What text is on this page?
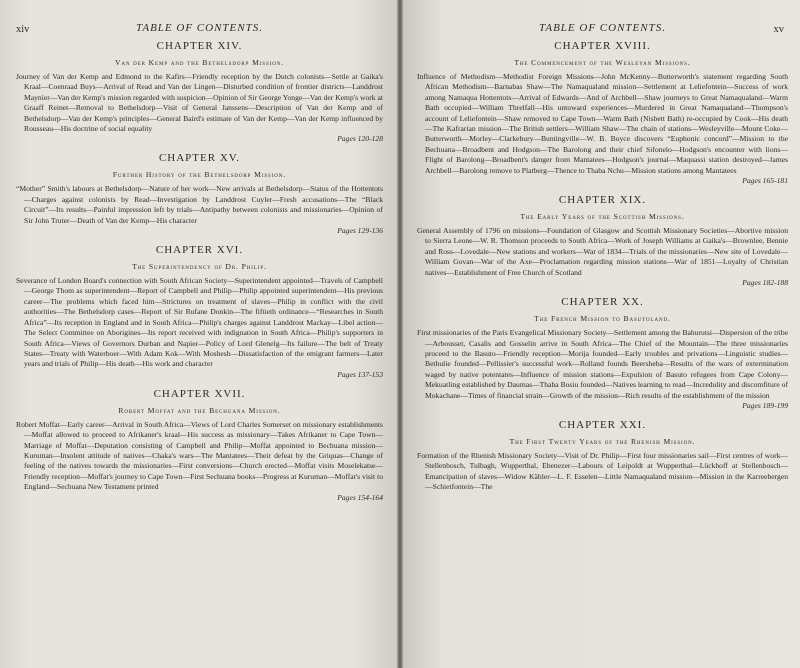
xiv	TABLE OF CONTENTS.
CHAPTER XIV.
Van der Kemp and the Bethelsdorp Mission.
Journey of Van der Kemp and Edmond to the Kafirs—Friendly reception by the Dutch colonists—Settle at Gaika's Kraal—Coenraad Buys—Arrival of Read and Van der Lingen—Disturbed condition of frontier districts—Landdrost Maynier—Van der Kemp's mission regarded with suspicion—Opinion of Sir George Yonge—Van der Kemp's work at Graaff Reinet—Removal to Bethelsdorp—Visit of General Janssens—Description of Van der Kemp and of Bethelsdorp—Van der Kemp's principles—General Baird's estimate of Van der Kemp—Van der Kemp influenced by Rousseau—His doctrine of social equality
Pages 120-128
CHAPTER XV.
Further History of the Bethelsdorp Mission.
“Mother” Smith's labours at Bethelsdorp—Nature of her work—New arrivals at Bethelsdorp—Status of the Hottentots—Charges against colonists by Read—Investigation by Landdrost Cuyler—Fresh accusations—The “Black Circuit”—Its results—Painful impression left by trials—Antipathy between colonists and missionaries—Opinion of Sir John Truter—Death of Van der Kemp—His character
Pages 129-136
CHAPTER XVI.
The Superintendency of Dr. Philip.
Severance of London Board's connection with South African Society—Superintendent appointed—Travels of Campbell—George Thom as superintendent—Report of Campbell and Philip—Philip appointed superintendent—His previous career—The problems which faced him—Strictures on treatment of slaves—Philip in conflict with the civil authorities—The Bethelsdorp cases—Report of Sir Rufane Donkin—The fiftieth ordinance—“Researches in South Africa”—Its reception in England and in South Africa—Philip's charges against Landdrost Mackay—Libel action—The Select Committee on Aborigines—Its report received with indignation in South Africa—Philip's supporters in South Africa—Views of Governors Durban and Napier—Policy of Lord Glenelg—Its failure—The belt of Treaty States—Treaty with Waterboer—With Adam Kok—With Moshesh—Dissatisfaction of the emigrant farmers—Later years and trials of Philip—His death—His work and character
Pages 137-153
CHAPTER XVII.
Robert Moffat and the Bechuana Mission.
Robert Moffat—Early career—Arrival in South Africa—Views of Lord Charles Somerset on missionary establishments—Moffat allowed to proceed to Afrikaner's kraal—His success as missionary—Takes Afrikaner to Cape Town—Marriage of Moffat—Deputation consisting of Campbell and Philip—Moffat appointed to Bechuana mission—Kuruman—Insolent attitude of natives—Chaka's wars—The Mantatees—Their defeat by the Griquas—Change of feeling of the natives towards the missionaries—First conversions—Church erected—Moffat visits Moselekatse—Friendly reception—Moffat's journey to Cape Town—First Sechuana books—Progress at Kuruman—Moffat's visit to England—Sechuana New Testament printed
Pages 154-164
TABLE OF CONTENTS.	xv
CHAPTER XVIII.
The Commencement of the Wesleyan Missions.
Influence of Methodism—Methodist Foreign Missions—John McKenny—Butterworth's statement regarding South African Methodism—Barnabas Shaw—The Namaqualand mission—Settlement at Leliefontein—Success of work among Namaqua Hottentots—Arrival of Edwards—And of Archbell—Shaw journeys to Great Namaqualand—Warm Bath occupied—William Threlfall—His untoward experiences—Murdered in Great Namaqualand—Thompson's account of Leliefontein—Shaw removed to Cape Town—Warm Bath (Nisbett Bath) re-occupied by Cook—His death—The Kafrarian mission—The British settlers—William Shaw—The chain of stations—Wesleyville—Mount Coke—Butterworth—Morley—Clarkebury—Buntingville—W. B. Boyce discovers “Euphonic concord”—Mission to the Bechuana—Broadbent and Hodgson—The Barolong and their chief Sifonelo—Hodgson's encounter with lions—Flight of Barolong—Broadbent's danger from Mantatees—Hodgson's journal—Maquassi station destroyed—James Archbell—Barolong remove to Platberg—Thence to Thaba Nchu—Mission stations among Mantatees
Pages 165-181
CHAPTER XIX.
The Early Years of the Scottish Missions.
General Assembly of 1796 on missions—Foundation of Glasgow and Scottish Missionary Societies—Abortive mission to Sierra Leone—W. R. Thomson proceeds to South Africa—Work of Joseph Williams at Gaika's—Brownlee, Bennie and Ross—Lovedale—New stations and workers—War of 1834—Trials of the missionaries—New site of Lovedale—William Govan—War of the Axe—Proclamation regarding mission stations—War of 1851—Loyalty of Christian natives—Establishment of Free Church of Scotland
Pages 182-188
CHAPTER XX.
The French Mission to Basutoland.
First missionaries of the Paris Evangelical Missionary Society—Settlement among the Bahurutsi—Dispersion of the tribe—Arbousset, Casalis and Gosselin arrive in South Africa—The Chief of the Mountain—The three missionaries proceed to the Basuto—Friendly reception—Morija founded—Early troubles and privations—Linguistic studies—Bethulie founded—Pellissier's successful work—Rolland founds Beersheba—Results of the wars of extermination waged by native potentates—Influence of mission stations—Expulsion of Basuto refugees from Cape Colony—Mekuatling established by Daumas—Thaba Bosiu founded—Natives learning to read—Incredulity and discomfiture of Mokachane—Times of financial strain—Growth of the mission—Rich results of the establishment of the mission
Pages 189-199
CHAPTER XXI.
The First Twenty Years of the Rhenish Mission.
Formation of the Rhenish Missionary Society—Visit of Dr. Philip—First four missionaries sail—First centres of work—Stellenbosch, Tulbagh, Wupperthal, Ebenezer—Labours of Leipoldt at Wupperthal—Lückhoff at Stellenbosch—Emancipation of slaves—Widow Kähler—L. F. Esselen—Little Namaqualand mission—Mission in the Karreebergen—Schietfontein—The
